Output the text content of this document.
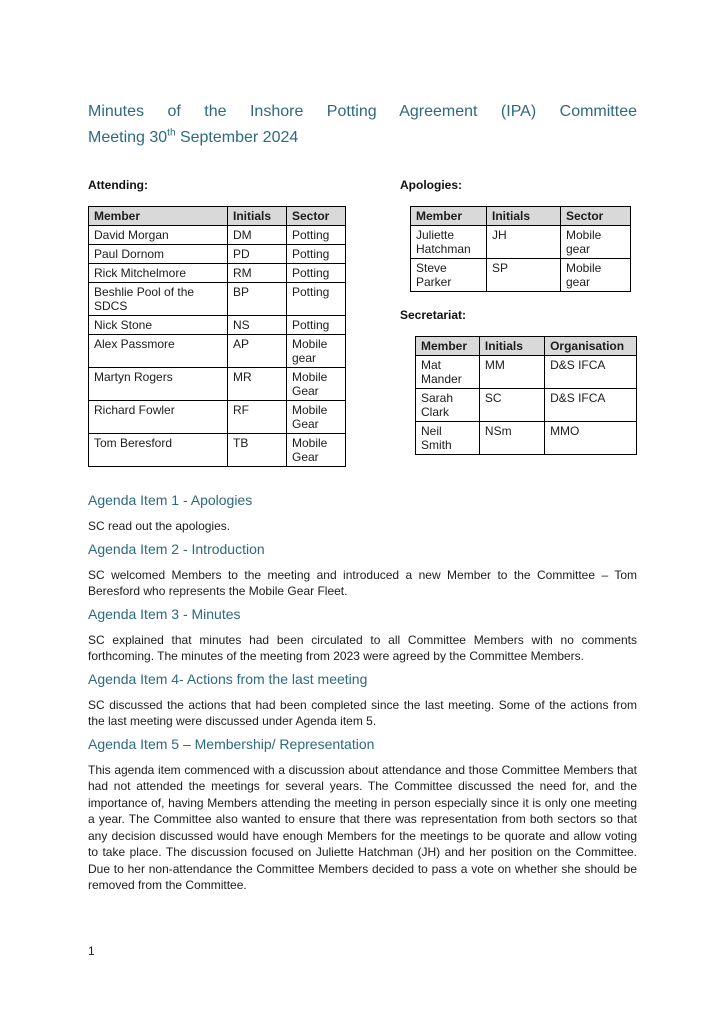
Minutes of the Inshore Potting Agreement (IPA) Committee
Meeting 30th September 2024

Attending:

Member	Initials	Sector
David Morgan	DM	Potting
Paul Dornom	PD	Potting
Rick Mitchelmore	RM	Potting
Beshlie Pool of the SDCS	BP	Potting
Nick Stone	NS	Potting
Alex Passmore	AP	Mobile gear
Martyn Rogers	MR	Mobile Gear
Richard Fowler	RF	Mobile Gear
Tom Beresford	TB	Mobile Gear

Apologies:

Member	Initials	Sector
Juliette Hatchman	JH	Mobile gear
Steve Parker	SP	Mobile gear

Secretariat:

Member	Initials	Organisation
Mat Mander	MM	D&S IFCA
Sarah Clark	SC	D&S IFCA
Neil Smith	NSm	MMO
Agenda Item 1 - Apologies

SC read out the apologies.

Agenda Item 2 - Introduction

SC welcomed Members to the meeting and introduced a new Member to the Committee – Tom Beresford who represents the Mobile Gear Fleet.

Agenda Item 3 - Minutes

SC explained that minutes had been circulated to all Committee Members with no comments forthcoming. The minutes of the meeting from 2023 were agreed by the Committee Members.

Agenda Item 4- Actions from the last meeting

SC discussed the actions that had been completed since the last meeting. Some of the actions from the last meeting were discussed under Agenda item 5.

Agenda Item 5 – Membership/ Representation

This agenda item commenced with a discussion about attendance and those Committee Members that had not attended the meetings for several years. The Committee discussed the need for, and the importance of, having Members attending the meeting in person especially since it is only one meeting a year. The Committee also wanted to ensure that there was representation from both sectors so that any decision discussed would have enough Members for the meetings to be quorate and allow voting to take place. The discussion focused on Juliette Hatchman (JH) and her position on the Committee. Due to her non-attendance the Committee Members decided to pass a vote on whether she should be removed from the Committee.

1
